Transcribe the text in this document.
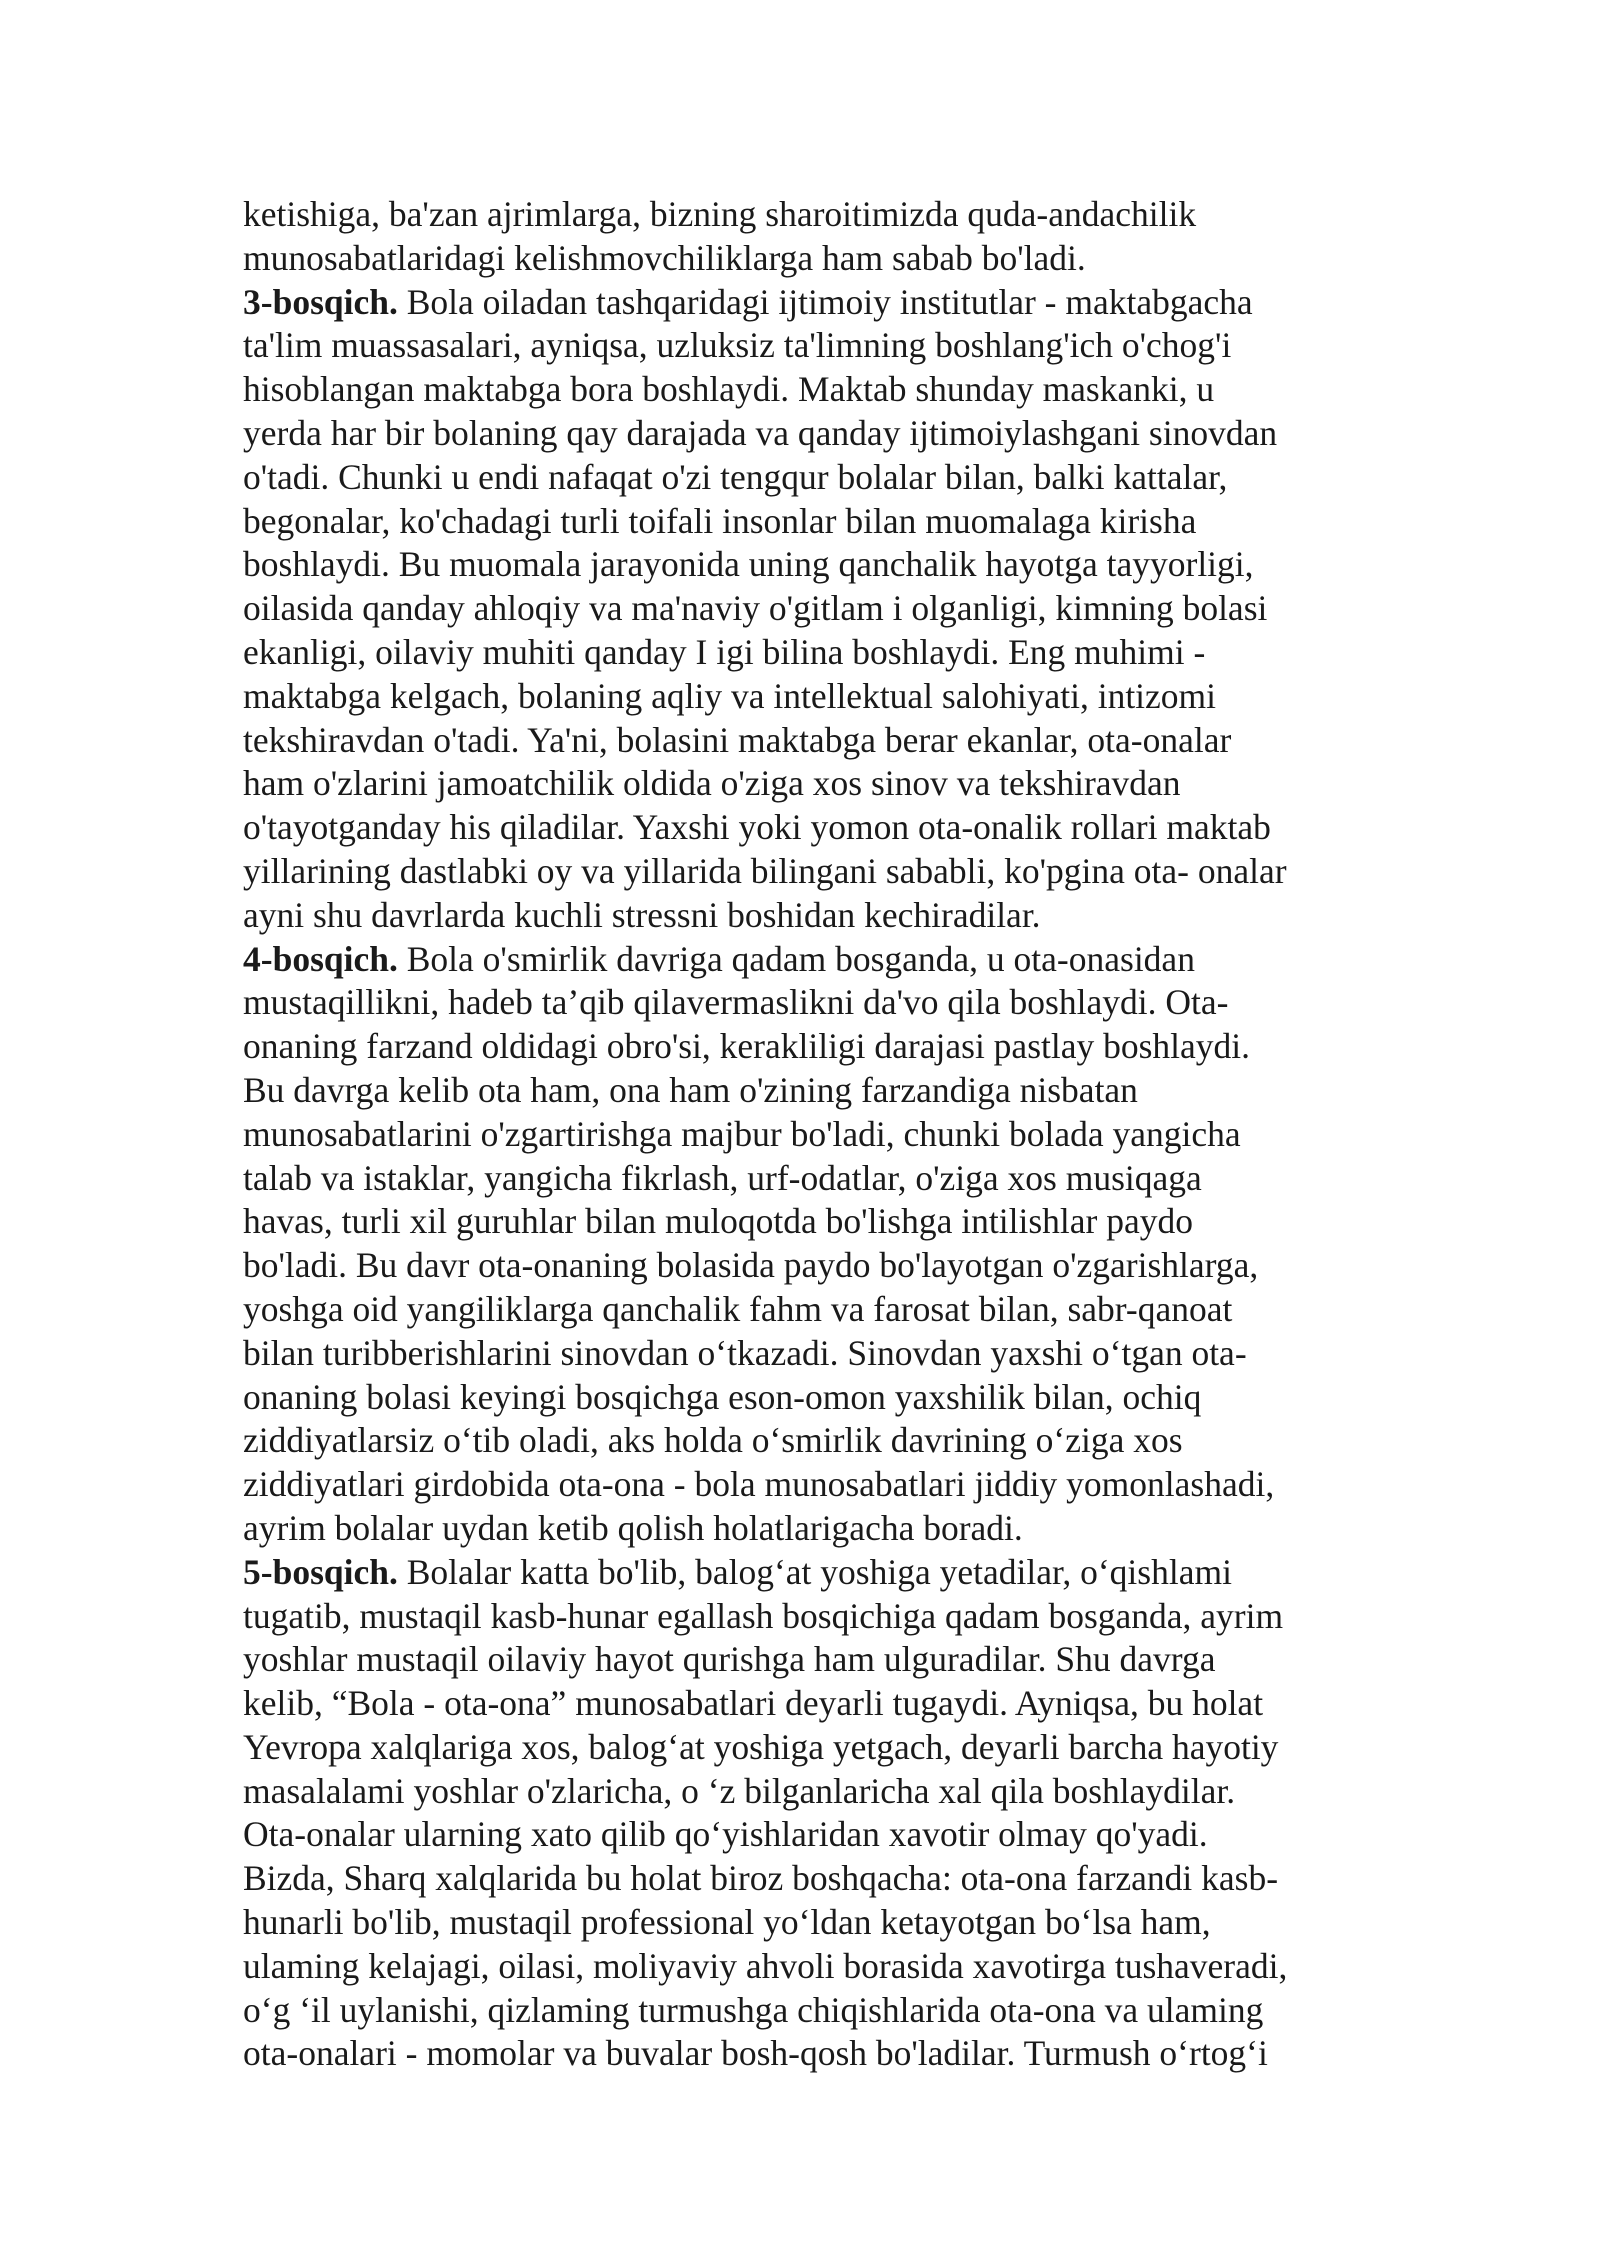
ketishiga, ba'zan ajrimlarga, bizning sharoitimizda quda-andachilik
munosabatlaridagi kelishmovchiliklarga ham sabab bo'ladi.
3-bosqich. Bola oiladan tashqaridagi ijtimoiy institutlar - maktabgacha
ta'lim muassasalari, ayniqsa, uzluksiz ta'limning boshlang'ich o'chog'i
hisoblangan maktabga bora boshlaydi. Maktab shunday maskanki, u
yerda har bir bolaning qay darajada va qanday ijtimoiylashgani sinovdan
o'tadi. Chunki u endi nafaqat o'zi tengqur bolalar bilan, balki kattalar,
begonalar, ko'chadagi turli toifali insonlar bilan muomalaga kirisha
boshlaydi. Bu muomala jarayonida uning qanchalik hayotga tayyorligi,
oilasida qanday ahloqiy va ma'naviy o'gitlam i olganligi, kimning bolasi
ekanligi, oilaviy muhiti qanday I igi bilina boshlaydi. Eng muhimi -
maktabga kelgach, bolaning aqliy va intellektual salohiyati, intizomi
tekshiravdan o'tadi. Ya'ni, bolasini maktabga berar ekanlar, ota-onalar
ham o'zlarini jamoatchilik oldida o'ziga xos sinov va tekshiravdan
o'tayotganday his qiladilar. Yaxshi yoki yomon ota-onalik rollari maktab
yillarining dastlabki oy va yillarida bilingani sababli, ko'pgina ota- onalar
ayni shu davrlarda kuchli stressni boshidan kechiradilar.
4-bosqich. Bola o'smirlik davriga qadam bosganda, u ota-onasidan
mustaqillikni, hadeb ta’qib qilavermaslikni da'vo qila boshlaydi. Ota-
onaning farzand oldidagi obro'si, kerakliligi darajasi pastlay boshlaydi.
Bu davrga kelib ota ham, ona ham o'zining farzandiga nisbatan
munosabatlarini o'zgartirishga majbur bo'ladi, chunki bolada yangicha
talab va istaklar, yangicha fikrlash, urf-odatlar, o'ziga xos musiqaga
havas, turli xil guruhlar bilan muloqotda bo'lishga intilishlar paydo
bo'ladi. Bu davr ota-onaning bolasida paydo bo'layotgan o'zgarishlarga,
yoshga oid yangiliklarga qanchalik fahm va farosat bilan, sabr-qanoat
bilan turibberishlarini sinovdan o‘tkazadi. Sinovdan yaxshi o‘tgan ota-
onaning bolasi keyingi bosqichga eson-omon yaxshilik bilan, ochiq
ziddiyatlarsiz o‘tib oladi, aks holda o‘smirlik davrining o‘ziga xos
ziddiyatlari girdobida ota-ona - bola munosabatlari jiddiy yomonlashadi,
ayrim bolalar uydan ketib qolish holatlarigacha boradi.
5-bosqich. Bolalar katta bo'lib, balog‘at yoshiga yetadilar, o‘qishlami
tugatib, mustaqil kasb-hunar egallash bosqichiga qadam bosganda, ayrim
yoshlar mustaqil oilaviy hayot qurishga ham ulguradilar. Shu davrga
kelib, “Bola - ota-ona” munosabatlari deyarli tugaydi. Ayniqsa, bu holat
Yevropa xalqlariga xos, balog‘at yoshiga yetgach, deyarli barcha hayotiy
masalalami yoshlar o'zlaricha, o ‘z bilganlaricha xal qila boshlaydilar.
Ota-onalar ularning xato qilib qo‘yishlaridan xavotir olmay qo'yadi.
Bizda, Sharq xalqlarida bu holat biroz boshqacha: ota-ona farzandi kasb-
hunarli bo'lib, mustaqil professional yo‘ldan ketayotgan bo‘lsa ham,
ulaming kelajagi, oilasi, moliyaviy ahvoli borasida xavotirga tushaveradi,
o‘g ‘il uylanishi, qizlaming turmushga chiqishlarida ota-ona va ulaming
ota-onalari - momolar va buvalar bosh-qosh bo'ladilar. Turmush o‘rtog‘i
